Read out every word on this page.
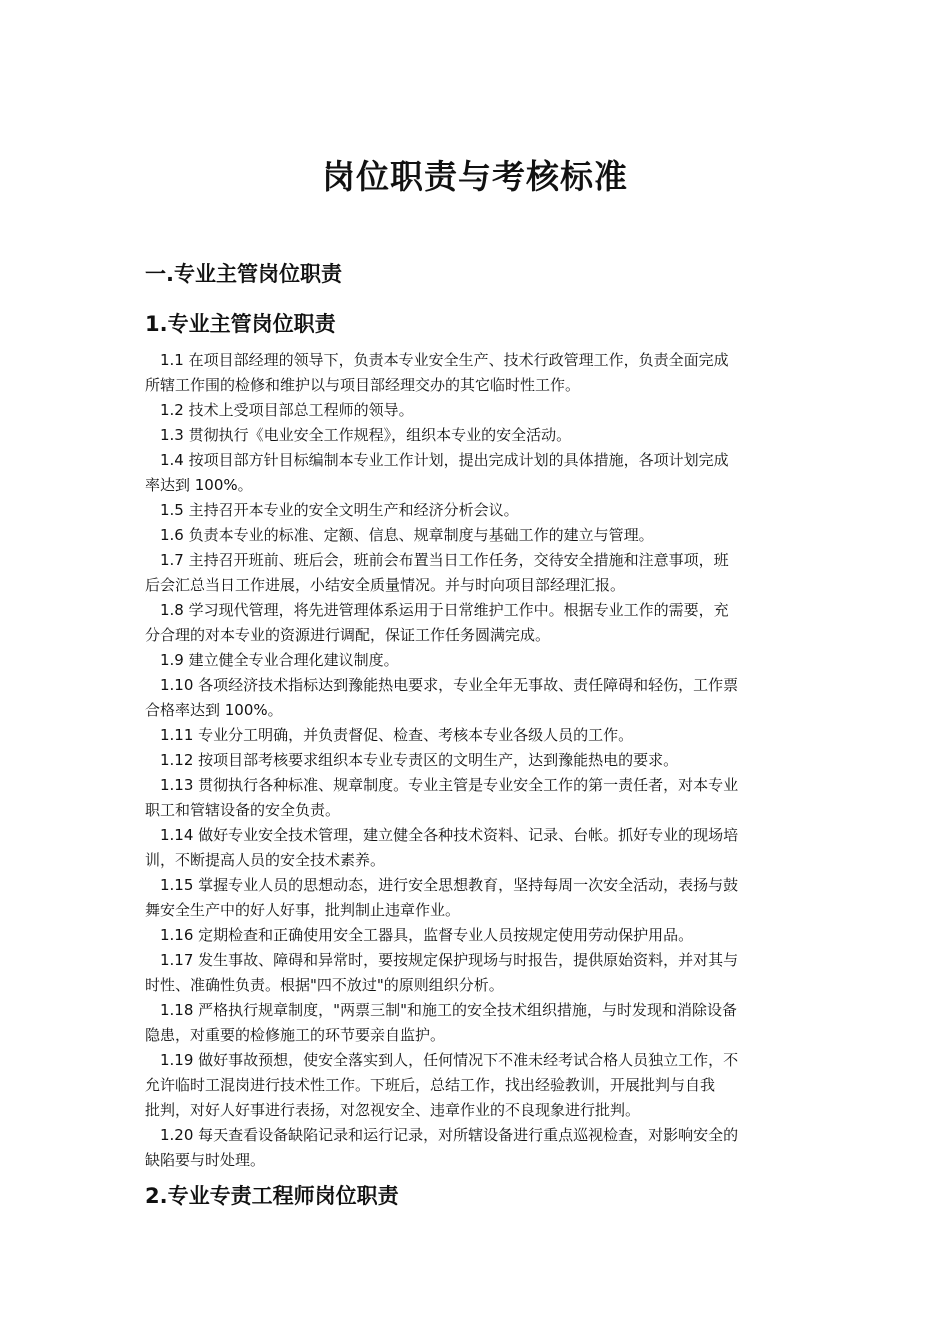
岗位职责与考核标准
一.专业主管岗位职责
1.专业主管岗位职责
1.1 在项目部经理的领导下，负责本专业安全生产、技术行政管理工作，负责全面完成
所辖工作围的检修和维护以与项目部经理交办的其它临时性工作。
1.2 技术上受项目部总工程师的领导。
1.3 贯彻执行《电业安全工作规程》，组织本专业的安全活动。
1.4 按项目部方针目标编制本专业工作计划，提出完成计划的具体措施，各项计划完成
率达到 100%。
1.5 主持召开本专业的安全文明生产和经济分析会议。
1.6 负责本专业的标准、定额、信息、规章制度与基础工作的建立与管理。
1.7 主持召开班前、班后会，班前会布置当日工作任务，交待安全措施和注意事项，班
后会汇总当日工作进展，小结安全质量情况。并与时向项目部经理汇报。
1.8 学习现代管理，将先进管理体系运用于日常维护工作中。根据专业工作的需要，充
分合理的对本专业的资源进行调配，保证工作任务圆满完成。
1.9 建立健全专业合理化建议制度。
1.10 各项经济技术指标达到豫能热电要求，专业全年无事故、责任障碍和轻伤，工作票
合格率达到 100%。
1.11 专业分工明确，并负责督促、检查、考核本专业各级人员的工作。
1.12 按项目部考核要求组织本专业专责区的文明生产，达到豫能热电的要求。
1.13 贯彻执行各种标准、规章制度。专业主管是专业安全工作的第一责任者，对本专业
职工和管辖设备的安全负责。
1.14 做好专业安全技术管理，建立健全各种技术资料、记录、台帐。抓好专业的现场培
训，不断提高人员的安全技术素养。
1.15 掌握专业人员的思想动态，进行安全思想教育，坚持每周一次安全活动，表扬与鼓
舞安全生产中的好人好事，批判制止违章作业。
1.16 定期检查和正确使用安全工器具，监督专业人员按规定使用劳动保护用品。
1.17 发生事故、障碍和异常时，要按规定保护现场与时报告，提供原始资料，并对其与
时性、准确性负责。根据"四不放过"的原则组织分析。
1.18 严格执行规章制度，"两票三制"和施工的安全技术组织措施，与时发现和消除设备
隐患，对重要的检修施工的环节要亲自监护。
1.19 做好事故预想，使安全落实到人，任何情况下不准未经考试合格人员独立工作，不
允许临时工混岗进行技术性工作。下班后，总结工作，找出经验教训，开展批判与自我
批判，对好人好事进行表扬，对忽视安全、违章作业的不良现象进行批判。
1.20 每天查看设备缺陷记录和运行记录，对所辖设备进行重点巡视检查，对影响安全的
缺陷要与时处理。
2.专业专责工程师岗位职责
